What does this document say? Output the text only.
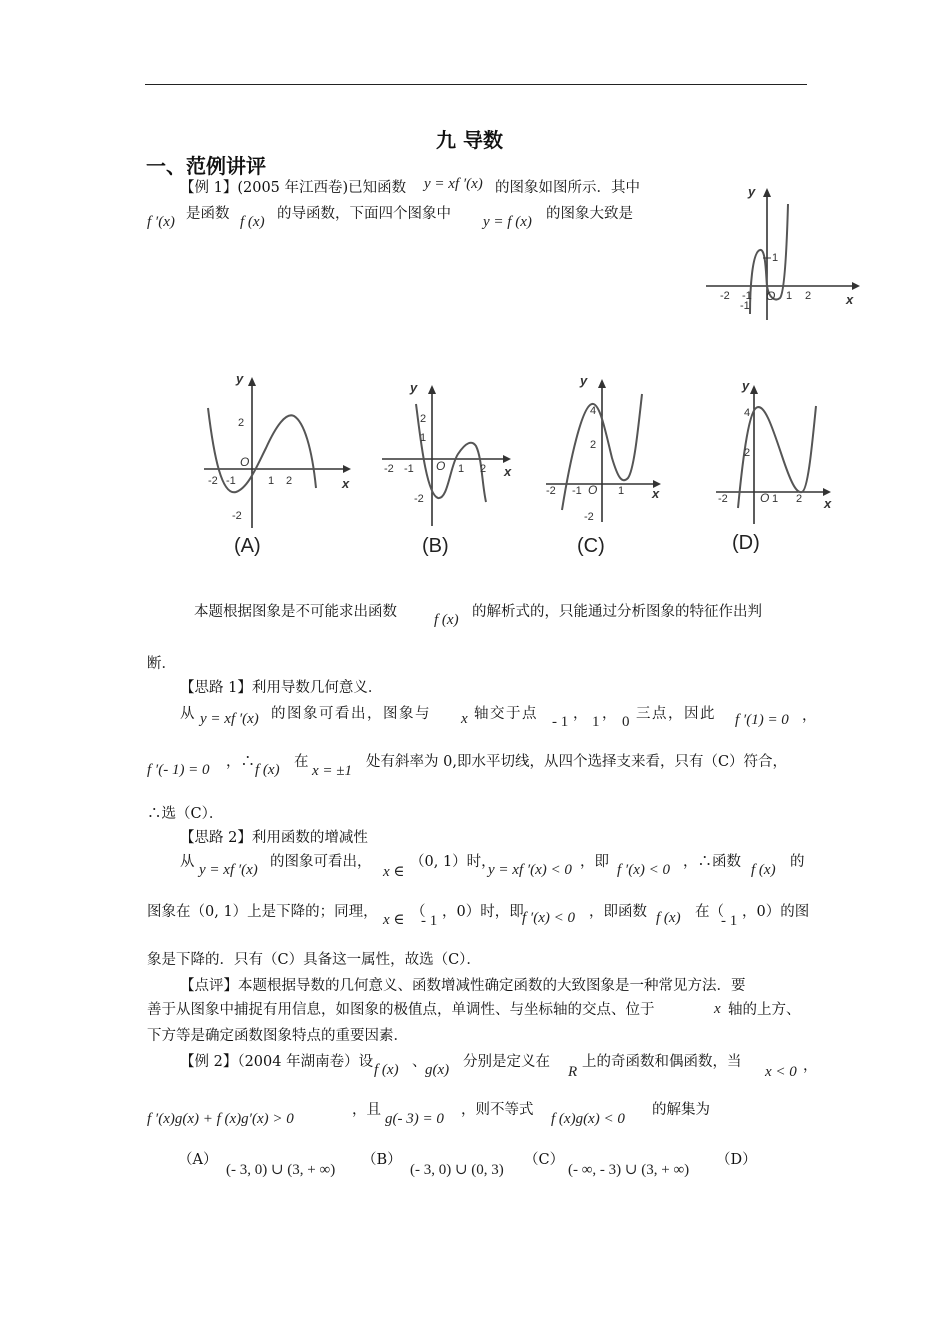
九 导数
一、范例讲评
【例 1】(2005 年江西卷)已知函数 y = xf ′(x) 的图象如图所示．其中
f ′(x) 是函数 f (x) 的导函数，下面四个图象中 y = f (x) 的图象大致是
y
x
O
-2 -1	1 2
1
-1
y
x
O
-2 -1	1 2
2
-2
y
x
O
-2 -1	1 2
2
1
-2
y
x
O
-2 -1	1
4
2
-2
y
x
O
-2	1 2
4
2
(A)	(B)	(C)	(D)
本题根据图象是不可能求出函数 f (x) 的解析式的，只能通过分析图象的特征作出判
断．
【思路 1】利用导数几何意义．
从 y = xf ′(x) 的图象可看出，图象与 x 轴交于点 - 1 ， 1 ， 0 三点，因此 f ′(1) = 0 ，
f ′(- 1) = 0 ，∴ f (x) 在
x = ±1
处有斜率为 0,即水平切线，从四个选择支来看，只有（C）符合，
∴选（C）．
【思路 2】利用函数的增减性
从 y = xf ′(x) 的图象可看出，
x ∈
（0, 1）时，
y = xf ′(x) < 0 ，即 f ′(x) < 0 ，∴函数 f (x) 的
图象在（0, 1）上是下降的；同理， x ∈ （
- 1
，0）时，即
f ′(x) < 0 ，即函数 f (x) 在（
- 1
，0）的图
象是下降的．只有（C）具备这一属性，故选（C）．
【点评】本题根据导数的几何意义、函数增减性确定函数的大致图象是一种常见方法．要
善于从图象中捕捉有用信息，如图象的极值点，单调性、与坐标轴的交点、位于	x 轴的上方、
下方等是确定函数图象特点的重要因素．
【例 2】（2004 年湖南卷）设 f (x) 、
g(x) 分别是定义在
R
上的奇函数和偶函数，当
x < 0 ，
f ′(x)g(x) + f (x)g′(x) > 0
，且
g(- 3) = 0
，则不等式
f (x)g(x) < 0
的解集为
（A）
(- 3, 0) ∪ (3, + ∞)
（B）
(- 3, 0) ∪ (0, 3)
（C）
(- ∞, - 3) ∪ (3, + ∞)
（D）
